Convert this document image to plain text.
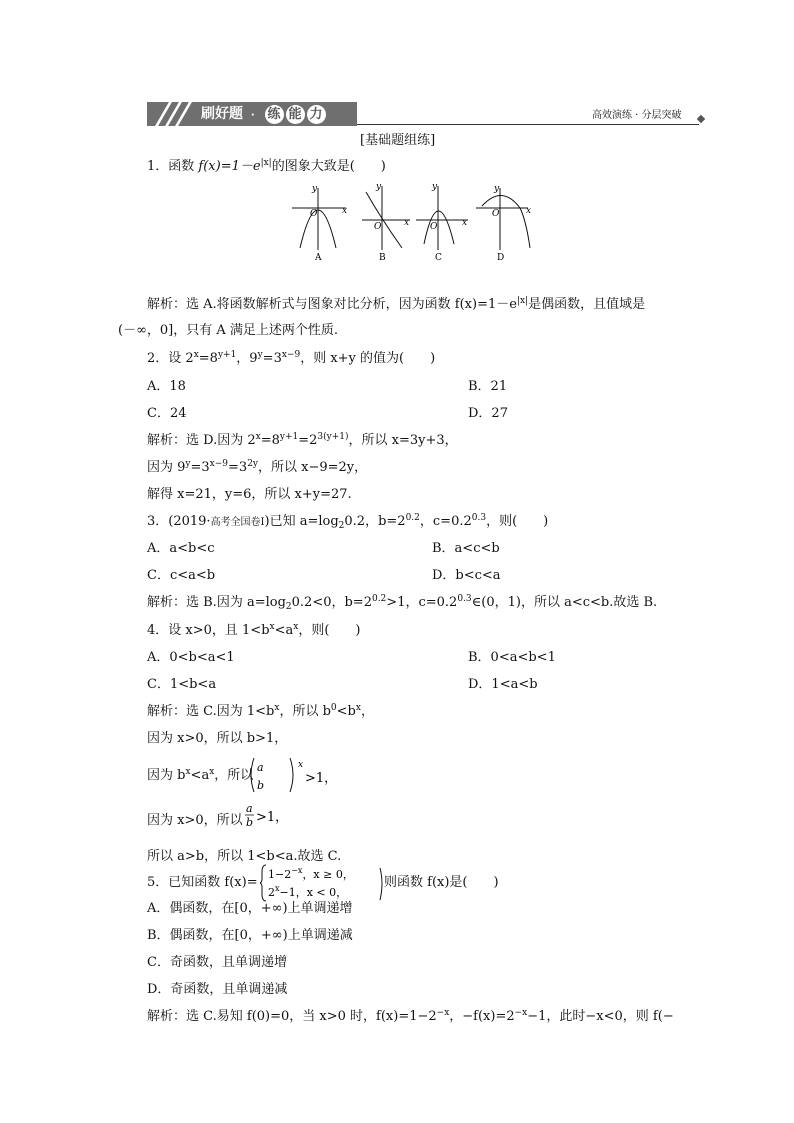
刷好题 · 练 能 力	高效演练 · 分层突破
[基础题组练]
1．函数 $f(x)=1-e^{|x|}$的图象大致是(　　)
y
x
O
y
x
O
y
x
O
y
x
O
A	B	C	D
解析：选 A.将函数解析式与图象对比分析，因为函数 $f(x)=1-e^{|x|}$是偶函数，且值域是
(－∞，0]，只有 A 满足上述两个性质.
2．设 $2^x=8^{y+1}$，$9^y=3^{x-9}$，则 x+y 的值为(　　)
A．18	B．21
C．24	D．27
解析：选 D.因为 $2^x=8^{y+1}=2^{3(y+1)}$，所以 x=3y+3，
因为 $9^y=3^{x-9}=3^{2y}$，所以 x−9=2y，
解得 x=21，y=6，所以 x+y=27.
3．(2019·高考全国卷Ⅰ)已知 $a=\log_20.2$，$b=2^{0.2}$，$c=0.2^{0.3}$，则(　　)
A．a<b<c	B．a<c<b
C．c<a<b	D．b<c<a
解析：选 B.因为 $a=\log_20.2<0$，$b=2^{0.2}>1$，$c=0.2^{0.3}\in(0$，1)，所以 a<c<b.故选 B.
4．设 x>0，且 $1<b^x<a^x$，则(　　)
A．0<b<a<1	B．0<a<b<1
C．1<b<a	D．1<a<b
解析：选 C.因为 $1<b^x$，所以 $b^0<b^x$，
因为 x>0，所以 b>1，
因为 $b^x<a^x$，所以
a
b
x
>1，
因为 x>0，所以
a
b >1，
所以 a>b，所以 1<b<a.故选 C.
5．已知函数 f(x)=
$1-2^{-x}$，x ≥ 0，
$2^x-1$，x < 0，
则函数 f(x)是(　　)
A．偶函数，在[0，+∞)上单调递增
B．偶函数，在[0，+∞)上单调递减
C．奇函数，且单调递增
D．奇函数，且单调递减
解析：选 C.易知 f(0)=0，当 x>0 时，$f(x)=1-2^{-x}$，$-f(x)=2^{-x}-1$，此时−x<0，则 f(−
